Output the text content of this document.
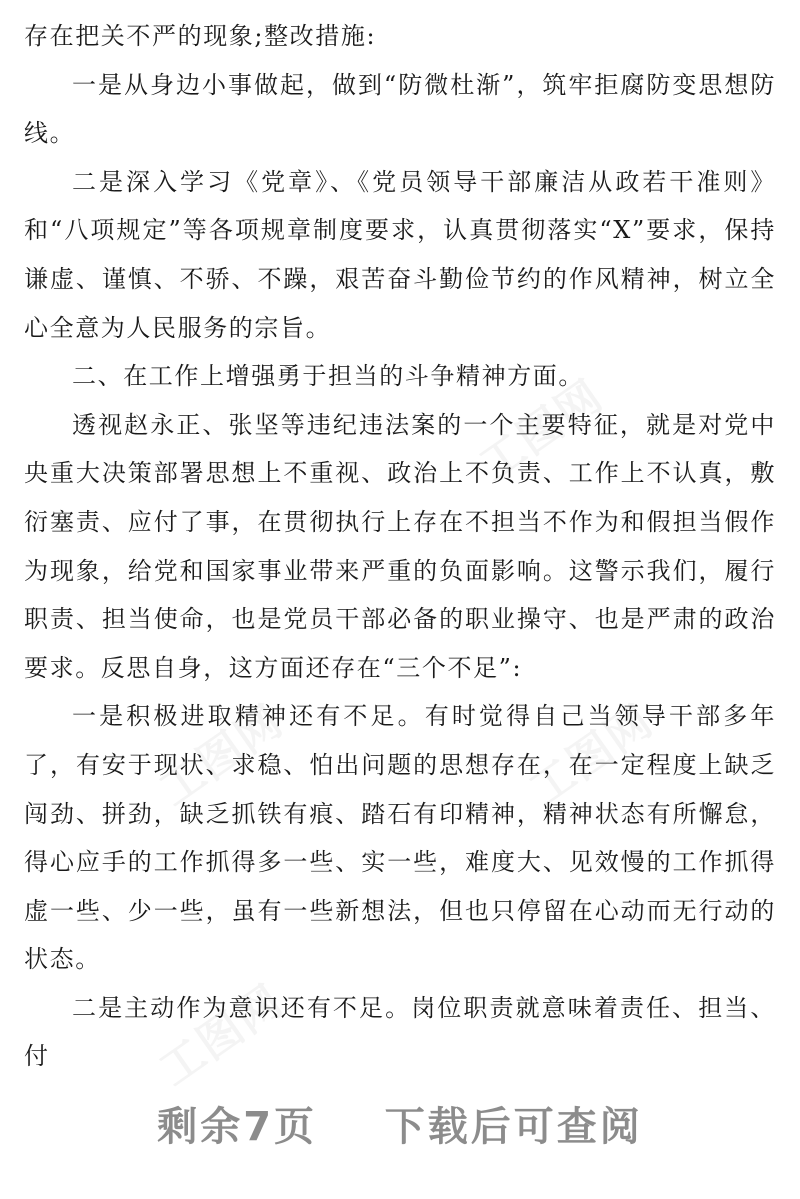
工图网
工图网	工图网
工图网

存在把关不严的现象;整改措施:

一是从身边小事做起，做到“防微杜渐”，筑牢拒腐防变思想防线。

二是深入学习《党章》、《党员领导干部廉洁从政若干准则》和“八项规定”等各项规章制度要求，认真贯彻落实“X”要求，保持谦虚、谨慎、不骄、不躁，艰苦奋斗勤俭节约的作风精神，树立全心全意为人民服务的宗旨。

二、在工作上增强勇于担当的斗争精神方面。

透视赵永正、张坚等违纪违法案的一个主要特征，就是对党中央重大决策部署思想上不重视、政治上不负责、工作上不认真，敷衍塞责、应付了事，在贯彻执行上存在不担当不作为和假担当假作为现象，给党和国家事业带来严重的负面影响。这警示我们，履行职责、担当使命，也是党员干部必备的职业操守、也是严肃的政治要求。反思自身，这方面还存在“三个不足”:

一是积极进取精神还有不足。有时觉得自己当领导干部多年了，有安于现状、求稳、怕出问题的思想存在，在一定程度上缺乏闯劲、拼劲，缺乏抓铁有痕、踏石有印精神，精神状态有所懈怠，得心应手的工作抓得多一些、实一些，难度大、见效慢的工作抓得虚一些、少一些，虽有一些新想法，但也只停留在心动而无行动的状态。

二是主动作为意识还有不足。岗位职责就意味着责任、担当、付

剩余7页
下载后可查阅
